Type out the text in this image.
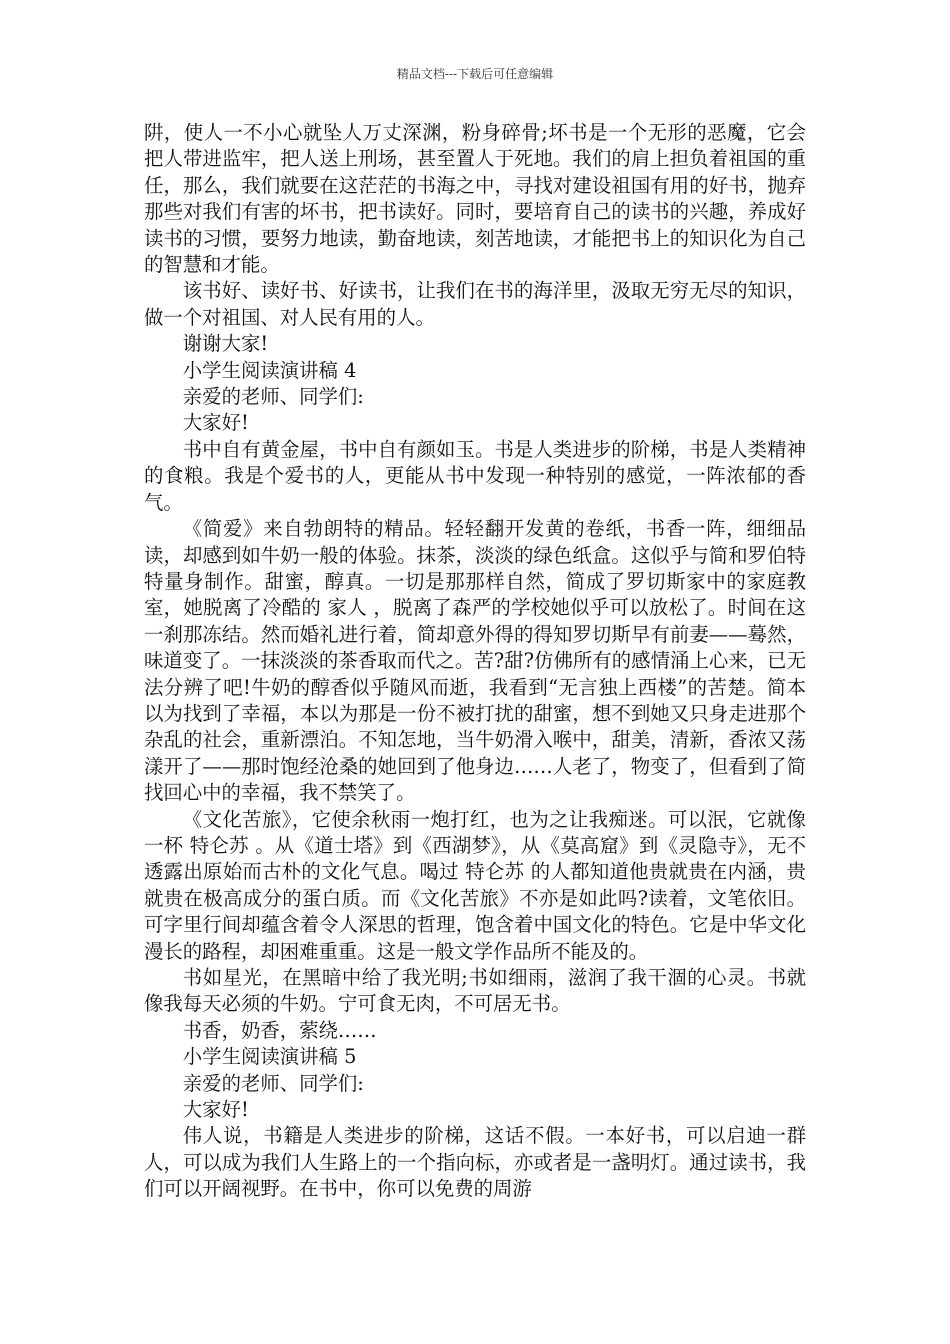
精品文档---下载后可任意编辑

阱，使人一不小心就坠人万丈深渊，粉身碎骨;坏书是一个无形的恶魔，它会把人带进监牢，把人送上刑场，甚至置人于死地。我们的肩上担负着祖国的重任，那么，我们就要在这茫茫的书海之中，寻找对建设祖国有用的好书，抛弃那些对我们有害的坏书，把书读好。同时，要培育自己的读书的兴趣，养成好读书的习惯，要努力地读，勤奋地读，刻苦地读，才能把书上的知识化为自己的智慧和才能。

该书好、读好书、好读书，让我们在书的海洋里，汲取无穷无尽的知识，做一个对祖国、对人民有用的人。

谢谢大家!

小学生阅读演讲稿 4

亲爱的老师、同学们:

大家好!

书中自有黄金屋，书中自有颜如玉。书是人类进步的阶梯，书是人类精神的食粮。我是个爱书的人，更能从书中发现一种特别的感觉，一阵浓郁的香气。

《简爱》来自勃朗特的精品。轻轻翻开发黄的卷纸，书香一阵，细细品读，却感到如牛奶一般的体验。抹茶，淡淡的绿色纸盒。这似乎与简和罗伯特特量身制作。甜蜜，醇真。一切是那那样自然，简成了罗切斯家中的家庭教室，她脱离了冷酷的 家人 ，脱离了森严的学校她似乎可以放松了。时间在这一刹那冻结。然而婚礼进行着，简却意外得的得知罗切斯早有前妻——蓦然，味道变了。一抹淡淡的茶香取而代之。苦?甜?仿佛所有的感情涌上心来，已无法分辨了吧!牛奶的醇香似乎随风而逝，我看到“无言独上西楼”的苦楚。简本以为找到了幸福，本以为那是一份不被打扰的甜蜜，想不到她又只身走进那个杂乱的社会，重新漂泊。不知怎地，当牛奶滑入喉中，甜美，清新，香浓又荡漾开了——那时饱经沧桑的她回到了他身边……人老了，物变了，但看到了简找回心中的幸福，我不禁笑了。

《文化苦旅》，它使余秋雨一炮打红，也为之让我痴迷。可以泯，它就像一杯 特仑苏 。从《道士塔》到《西湖梦》，从《莫高窟》到《灵隐寺》，无不透露出原始而古朴的文化气息。喝过 特仑苏 的人都知道他贵就贵在内涵，贵就贵在极高成分的蛋白质。而《文化苦旅》不亦是如此吗?读着，文笔依旧。可字里行间却蕴含着令人深思的哲理，饱含着中国文化的特色。它是中华文化漫长的路程，却困难重重。这是一般文学作品所不能及的。

书如星光，在黑暗中给了我光明;书如细雨，滋润了我干涸的心灵。书就像我每天必须的牛奶。宁可食无肉，不可居无书。

书香，奶香，萦绕……

小学生阅读演讲稿 5

亲爱的老师、同学们:

大家好!

伟人说，书籍是人类进步的阶梯，这话不假。一本好书，可以启迪一群人，可以成为我们人生路上的一个指向标，亦或者是一盏明灯。通过读书，我们可以开阔视野。在书中，你可以免费的周游
